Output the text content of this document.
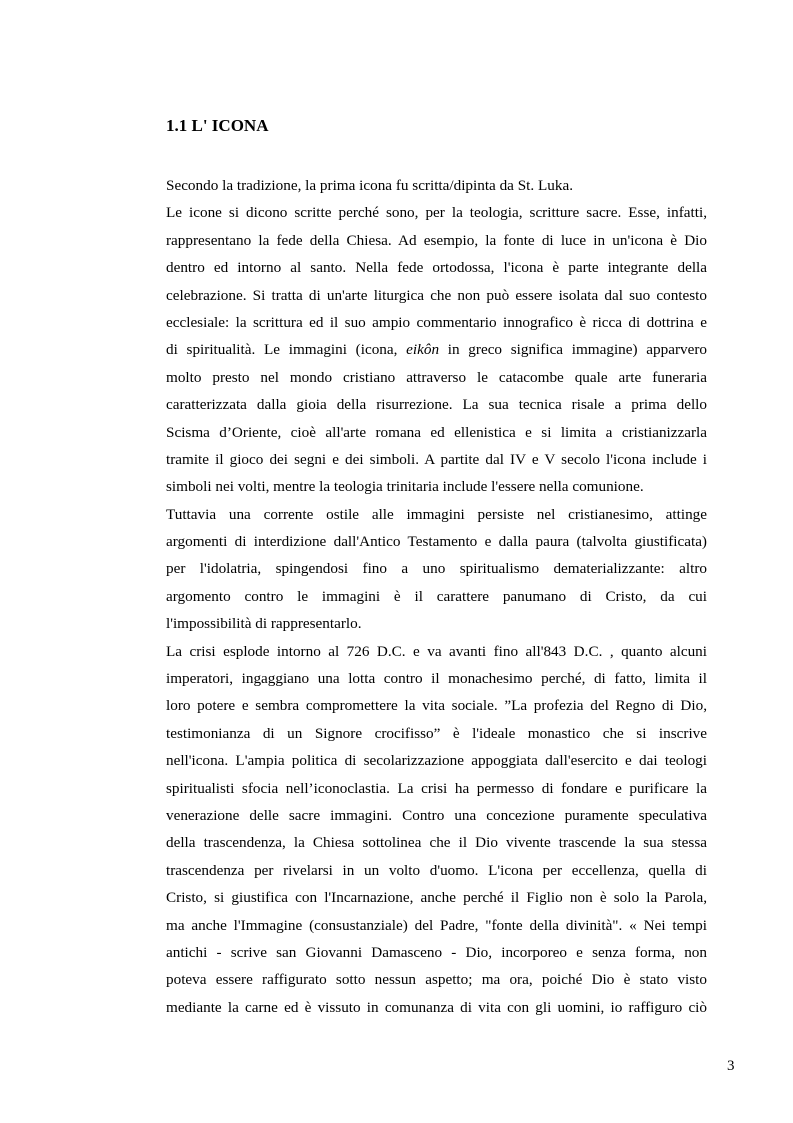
1.1 L' ICONA
Secondo la tradizione, la prima icona fu scritta/dipinta da St. Luka.
Le icone si dicono scritte perché sono, per la teologia, scritture sacre. Esse, infatti,
rappresentano la fede della Chiesa. Ad esempio, la fonte di luce in un'icona è Dio
dentro ed intorno al santo. Nella fede ortodossa, l'icona è parte integrante della
celebrazione. Si tratta di un'arte liturgica che non può essere isolata dal suo contesto
ecclesiale: la scrittura ed il suo ampio commentario innografico è ricca di dottrina e
di spiritualità. Le immagini (icona, eikôn in greco significa immagine) apparvero
molto presto nel mondo cristiano attraverso le catacombe quale arte funeraria
caratterizzata dalla gioia della risurrezione. La sua tecnica risale a prima dello
Scisma d’Oriente, cioè all'arte romana ed ellenistica e si limita a cristianizzarla
tramite il gioco dei segni e dei simboli. A partite dal IV e V secolo l'icona include i
simboli nei volti, mentre la teologia trinitaria include l'essere nella comunione.
Tuttavia una corrente ostile alle immagini persiste nel cristianesimo, attinge
argomenti di interdizione dall'Antico Testamento e dalla paura (talvolta giustificata)
per l'idolatria, spingendosi fino a uno spiritualismo dematerializzante: altro
argomento contro le immagini è il carattere panumano di Cristo, da cui
l'impossibilità di rappresentarlo.
La crisi esplode intorno al 726 D.C. e va avanti fino all'843 D.C. , quanto alcuni
imperatori, ingaggiano una lotta contro il monachesimo perché, di fatto, limita il
loro potere e sembra compromettere la vita sociale. ”La profezia del Regno di Dio,
testimonianza di un Signore crocifisso” è l'ideale monastico che si inscrive
nell'icona. L'ampia politica di secolarizzazione appoggiata dall'esercito e dai teologi
spiritualisti sfocia nell’iconoclastia. La crisi ha permesso di fondare e purificare la
venerazione delle sacre immagini. Contro una concezione puramente speculativa
della trascendenza, la Chiesa sottolinea che il Dio vivente trascende la sua stessa
trascendenza per rivelarsi in un volto d'uomo. L'icona per eccellenza, quella di
Cristo, si giustifica con l'Incarnazione, anche perché il Figlio non è solo la Parola,
ma anche l'Immagine (consustanziale) del Padre, "fonte della divinità". « Nei tempi
antichi - scrive san Giovanni Damasceno - Dio, incorporeo e senza forma, non
poteva essere raffigurato sotto nessun aspetto; ma ora, poiché Dio è stato visto
mediante la carne ed è vissuto in comunanza di vita con gli uomini, io raffiguro ciò
3
